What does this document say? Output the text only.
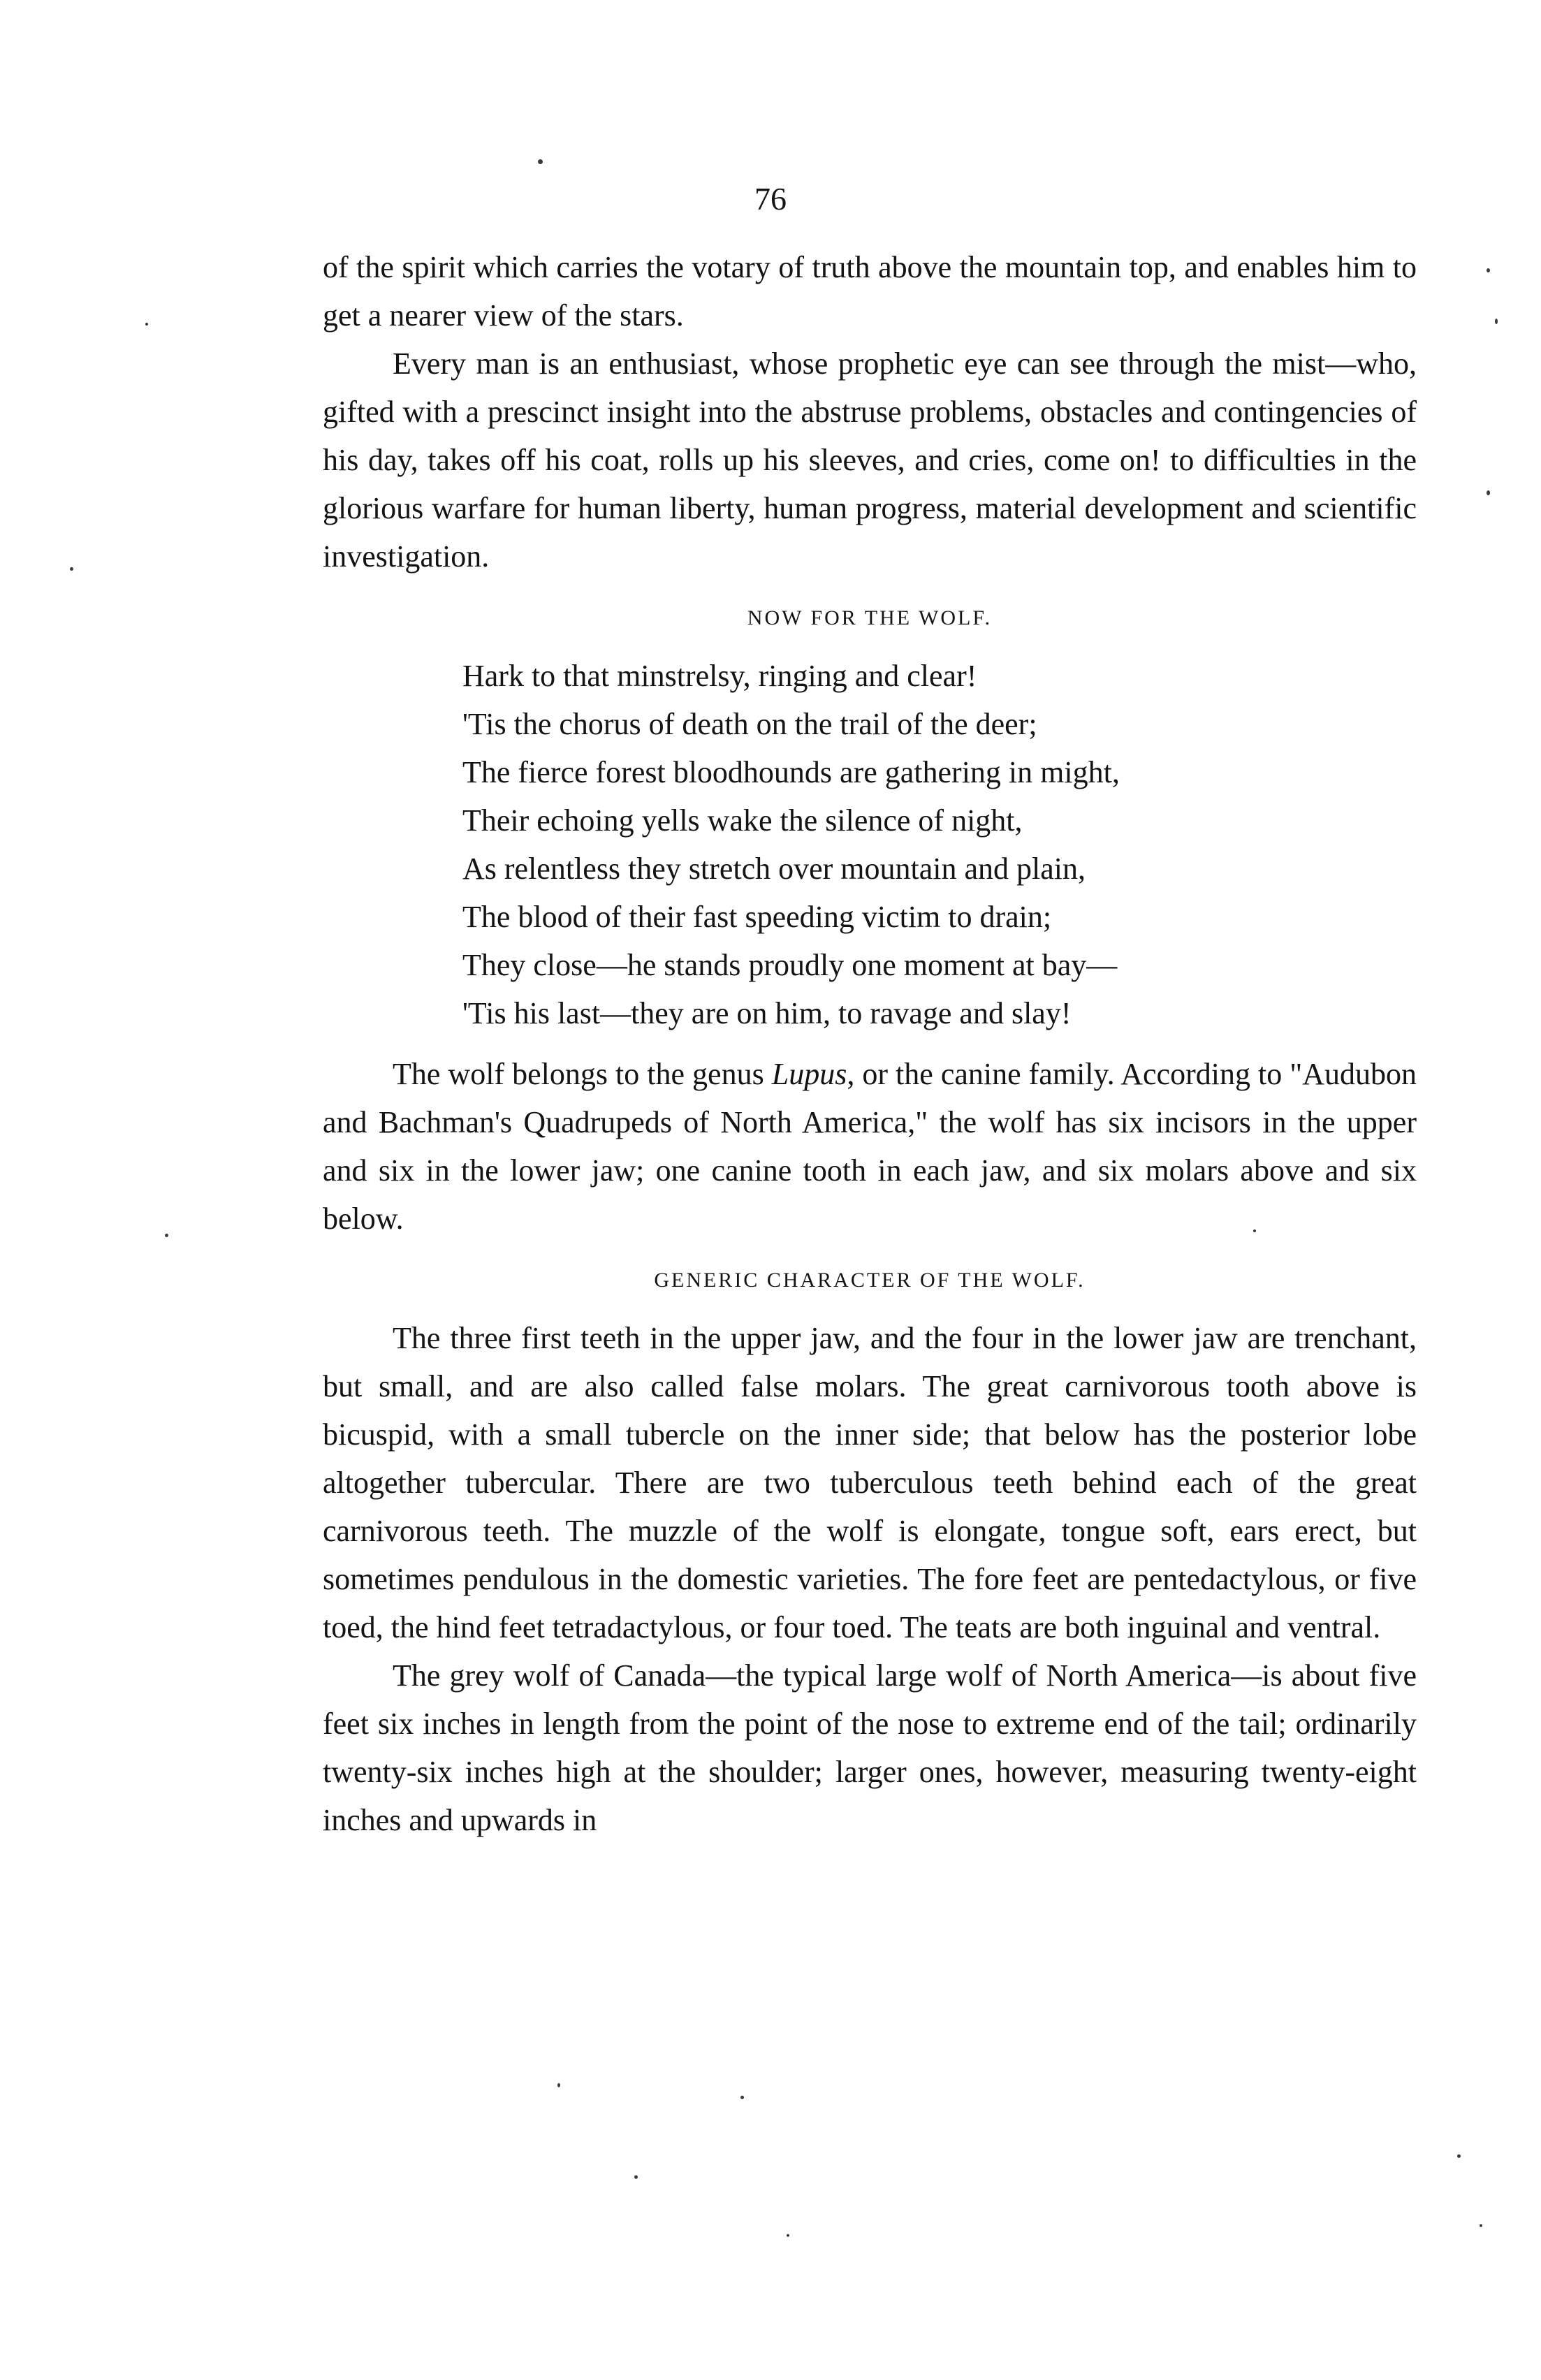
76

of the spirit which carries the votary of truth above the mountain top, and enables him to get a nearer view of the stars.

Every man is an enthusiast, whose prophetic eye can see through the mist—who, gifted with a prescinct insight into the abstruse problems, obstacles and contingencies of his day, takes off his coat, rolls up his sleeves, and cries, come on! to difficulties in the glorious warfare for human liberty, human progress, material development and scientific investigation.

NOW FOR THE WOLF.
Hark to that minstrelsy, ringing and clear!
'Tis the chorus of death on the trail of the deer;
The fierce forest bloodhounds are gathering in might,
Their echoing yells wake the silence of night,
As relentless they stretch over mountain and plain,
The blood of their fast speeding victim to drain;
They close—he stands proudly one moment at bay—
'Tis his last—they are on him, to ravage and slay!

The wolf belongs to the genus Lupus, or the canine family. According to "Audubon and Bachman's Quadrupeds of North America," the wolf has six incisors in the upper and six in the lower jaw; one canine tooth in each jaw, and six molars above and six below.

GENERIC CHARACTER OF THE WOLF.

The three first teeth in the upper jaw, and the four in the lower jaw are trenchant, but small, and are also called false molars. The great carnivorous tooth above is bicuspid, with a small tubercle on the inner side; that below has the posterior lobe altogether tubercular. There are two tuberculous teeth behind each of the great carnivorous teeth. The muzzle of the wolf is elongate, tongue soft, ears erect, but sometimes pendulous in the domestic varieties. The fore feet are pentedactylous, or five toed, the hind feet tetradactylous, or four toed. The teats are both inguinal and ventral.

The grey wolf of Canada—the typical large wolf of North America—is about five feet six inches in length from the point of the nose to extreme end of the tail; ordinarily twenty-six inches high at the shoulder; larger ones, however, measuring twenty-eight inches and upwards in
